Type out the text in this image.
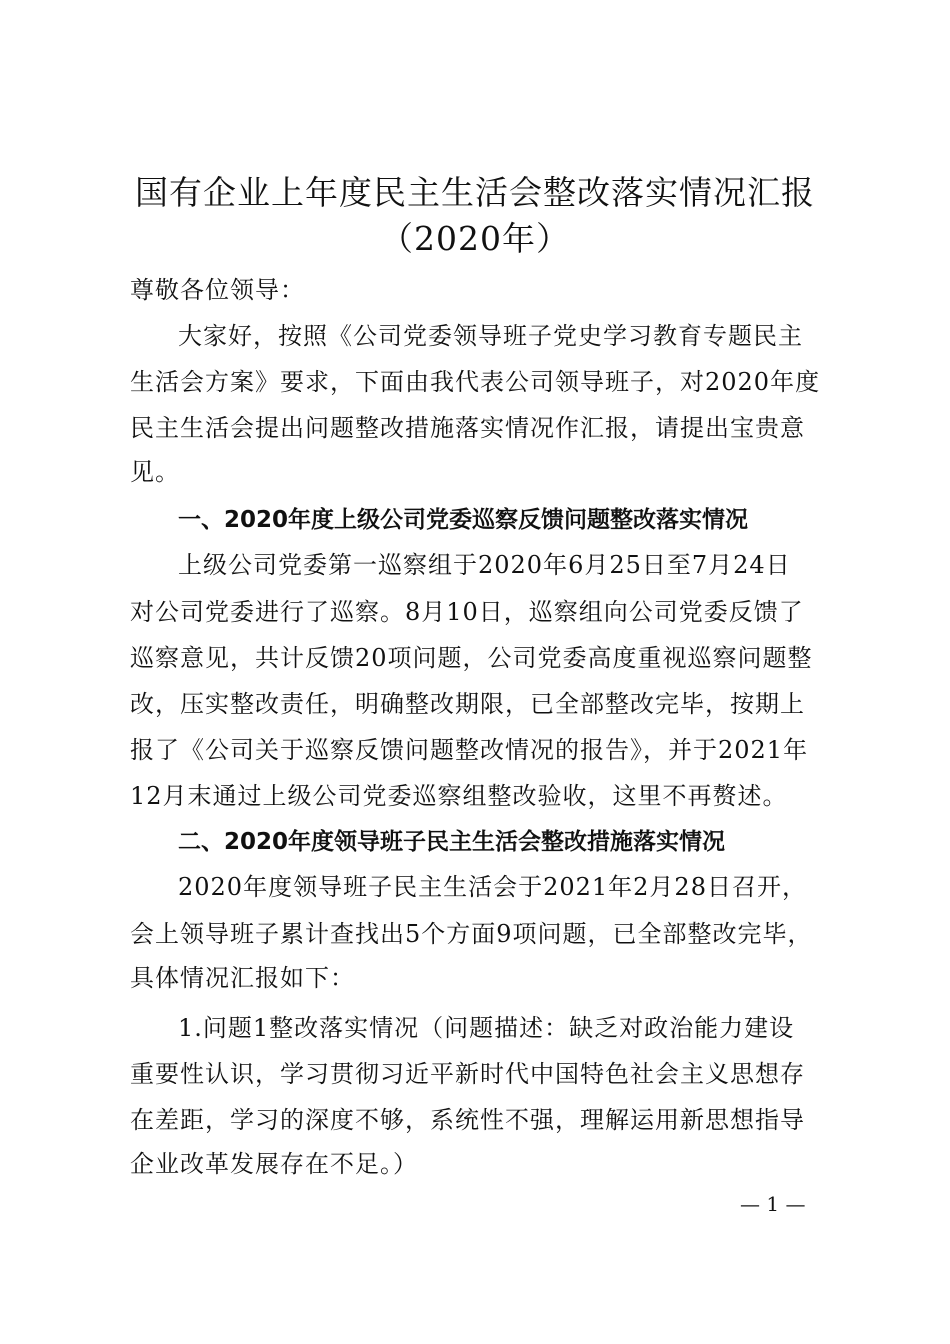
国有企业上年度民主生活会整改落实情况汇报
（2020年）
尊敬各位领导：
大家好，按照《公司党委领导班子党史学习教育专题民主
生活会方案》要求，下面由我代表公司领导班子，对2020年度
民主生活会提出问题整改措施落实情况作汇报，请提出宝贵意
见。
一、2020年度上级公司党委巡察反馈问题整改落实情况
上级公司党委第一巡察组于2020年6月25日至7月24日
对公司党委进行了巡察。8月10日，巡察组向公司党委反馈了
巡察意见，共计反馈20项问题，公司党委高度重视巡察问题整
改，压实整改责任，明确整改期限，已全部整改完毕，按期上
报了《公司关于巡察反馈问题整改情况的报告》，并于2021年
12月末通过上级公司党委巡察组整改验收，这里不再赘述。
二、2020年度领导班子民主生活会整改措施落实情况
2020年度领导班子民主生活会于2021年2月28日召开，
会上领导班子累计查找出5个方面9项问题，已全部整改完毕，
具体情况汇报如下：
1.问题1整改落实情况（问题描述：缺乏对政治能力建设
重要性认识，学习贯彻习近平新时代中国特色社会主义思想存
在差距，学习的深度不够，系统性不强，理解运用新思想指导
企业改革发展存在不足。）
— 1 —
